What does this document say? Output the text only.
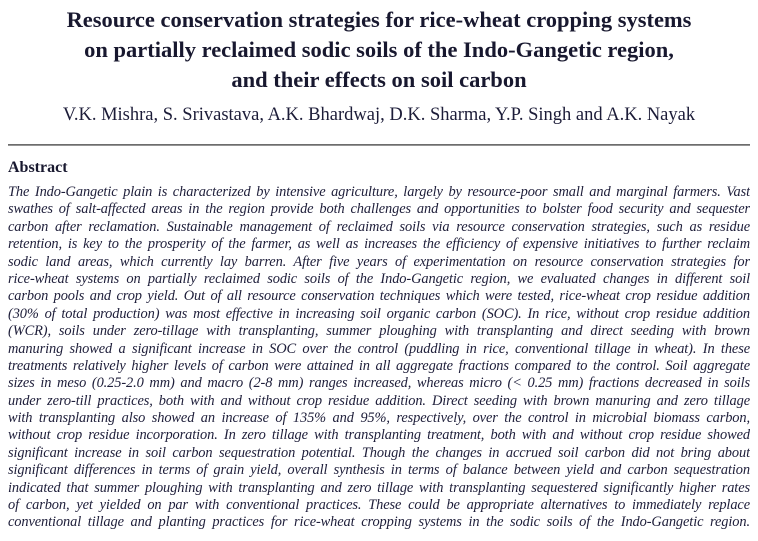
Resource conservation strategies for rice-wheat cropping systems
on partially reclaimed sodic soils of the Indo-Gangetic region,
and their effects on soil carbon
V.K. Mishra, S. Srivastava, A.K. Bhardwaj, D.K. Sharma, Y.P. Singh and A.K. Nayak
Abstract
The Indo-Gangetic plain is characterized by intensive agriculture, largely by resource-poor small and marginal farmers. Vast
swathes of salt-affected areas in the region provide both challenges and opportunities to bolster food security and sequester
carbon after reclamation. Sustainable management of reclaimed soils via resource conservation strategies, such as residue
retention, is key to the prosperity of the farmer, as well as increases the efficiency of expensive initiatives to further reclaim
sodic land areas, which currently lay barren. After five years of experimentation on resource conservation strategies for
rice-wheat systems on partially reclaimed sodic soils of the Indo-Gangetic region, we evaluated changes in different soil
carbon pools and crop yield. Out of all resource conservation techniques which were tested, rice-wheat crop residue addition
(30% of total production) was most effective in increasing soil organic carbon (SOC). In rice, without crop residue addition
(WCR), soils under zero-tillage with transplanting, summer ploughing with transplanting and direct seeding with brown
manuring showed a significant increase in SOC over the control (puddling in rice, conventional tillage in wheat). In these
treatments relatively higher levels of carbon were attained in all aggregate fractions compared to the control. Soil aggregate
sizes in meso (0.25-2.0 mm) and macro (2-8 mm) ranges increased, whereas micro (< 0.25 mm) fractions decreased in soils
under zero-till practices, both with and without crop residue addition. Direct seeding with brown manuring and zero tillage
with transplanting also showed an increase of 135% and 95%, respectively, over the control in microbial biomass carbon,
without crop residue incorporation. In zero tillage with transplanting treatment, both with and without crop residue showed
significant increase in soil carbon sequestration potential. Though the changes in accrued soil carbon did not bring about
significant differences in terms of grain yield, overall synthesis in terms of balance between yield and carbon sequestration
indicated that summer ploughing with transplanting and zero tillage with transplanting sequestered significantly higher rates
of carbon, yet yielded on par with conventional practices. These could be appropriate alternatives to immediately replace
conventional tillage and planting practices for rice-wheat cropping systems in the sodic soils of the Indo-Gangetic region.
